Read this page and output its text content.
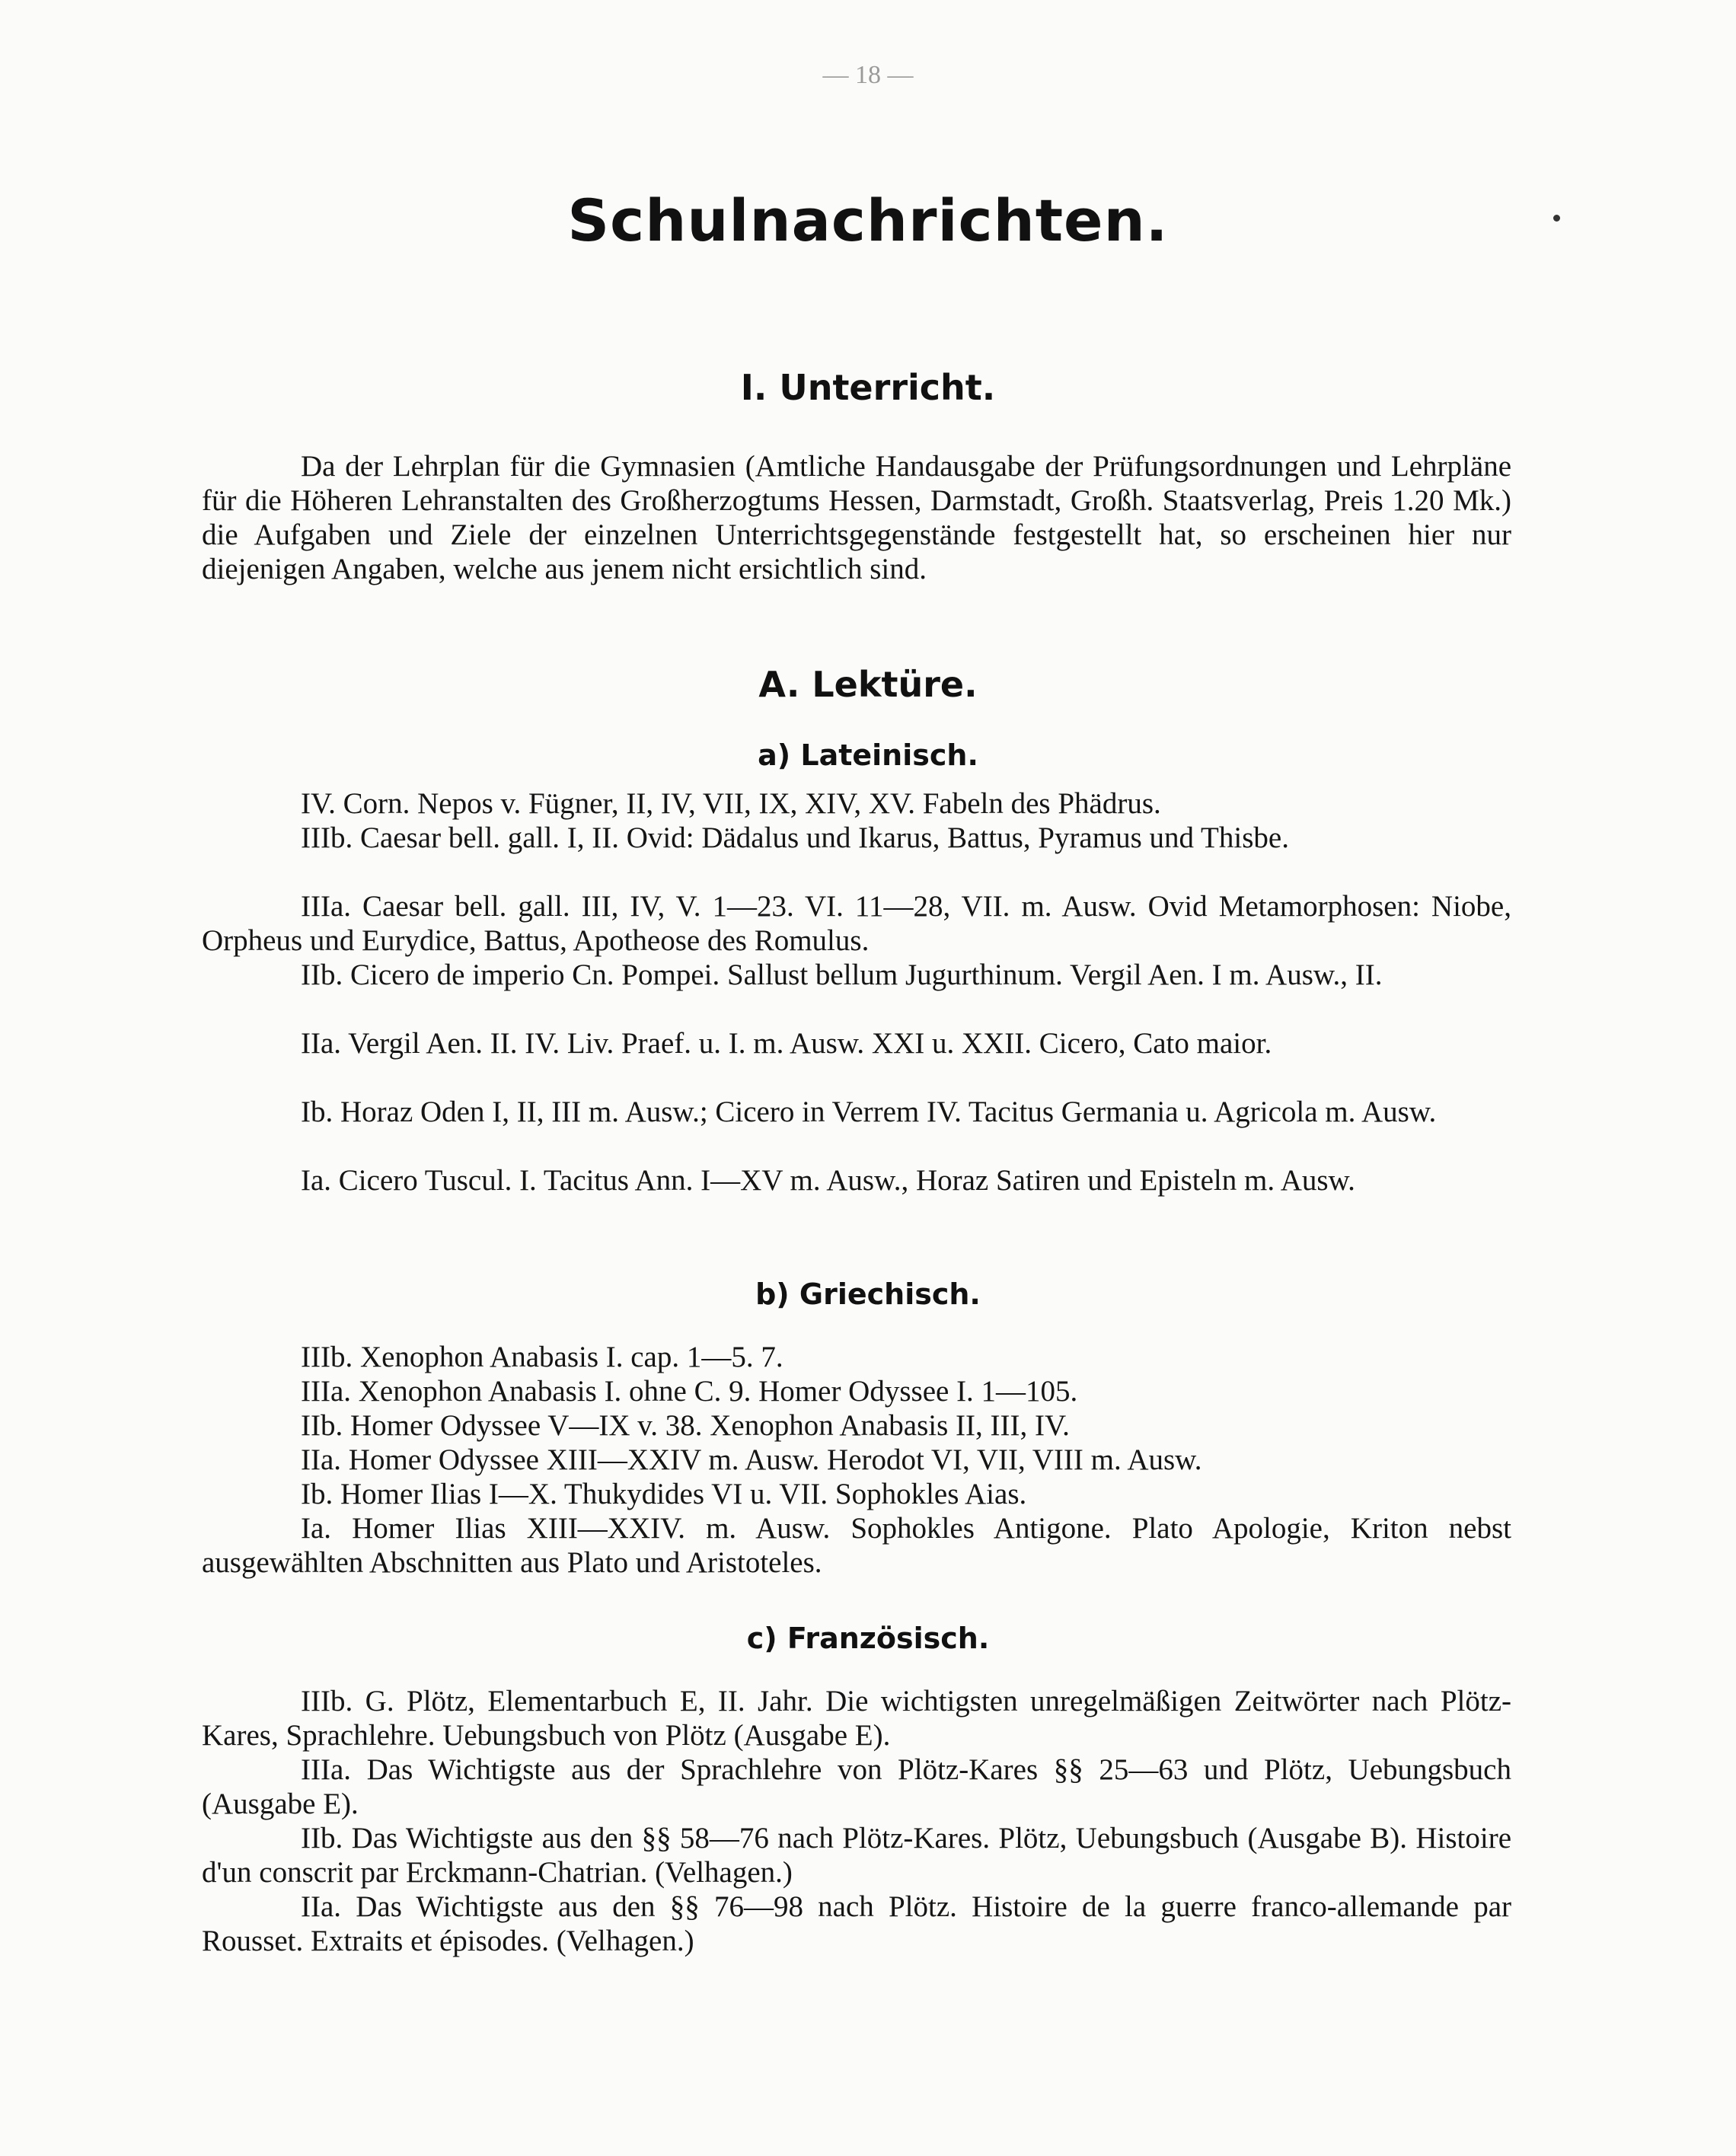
— 18 —
Schulnachrichten.
I. Unterricht.

Da der Lehrplan für die Gymnasien (Amtliche Handausgabe der Prüfungsordnungen und Lehrpläne für die Höheren Lehranstalten des Großherzogtums Hessen, Darmstadt, Großh. Staatsverlag, Preis 1.20 Mk.) die Aufgaben und Ziele der einzelnen Unterrichtsgegenstände festgestellt hat, so erscheinen hier nur diejenigen Angaben, welche aus jenem nicht ersichtlich sind.

A. Lektüre.
a) Lateinisch.

IV. Corn. Nepos v. Fügner, II, IV, VII, IX, XIV, XV. Fabeln des Phädrus.

IIIb. Caesar bell. gall. I, II. Ovid: Dädalus und Ikarus, Battus, Pyramus und Thisbe.

IIIa. Caesar bell. gall. III, IV, V. 1—23. VI. 11—28, VII. m. Ausw. Ovid Metamorphosen: Niobe, Orpheus und Eurydice, Battus, Apotheose des Romulus.

IIb. Cicero de imperio Cn. Pompei. Sallust bellum Jugurthinum. Vergil Aen. I m. Ausw., II.

IIa. Vergil Aen. II. IV. Liv. Praef. u. I. m. Ausw. XXI u. XXII. Cicero, Cato maior.

Ib. Horaz Oden I, II, III m. Ausw.; Cicero in Verrem IV. Tacitus Germania u. Agricola m. Ausw.

Ia. Cicero Tuscul. I. Tacitus Ann. I—XV m. Ausw., Horaz Satiren und Episteln m. Ausw.

b) Griechisch.

IIIb. Xenophon Anabasis I. cap. 1—5. 7.

IIIa. Xenophon Anabasis I. ohne C. 9. Homer Odyssee I. 1—105.

IIb. Homer Odyssee V—IX v. 38. Xenophon Anabasis II, III, IV.

IIa. Homer Odyssee XIII—XXIV m. Ausw. Herodot VI, VII, VIII m. Ausw.

Ib. Homer Ilias I—X. Thukydides VI u. VII. Sophokles Aias.

Ia. Homer Ilias XIII—XXIV. m. Ausw. Sophokles Antigone. Plato Apologie, Kriton nebst ausgewählten Abschnitten aus Plato und Aristoteles.

c) Französisch.

IIIb. G. Plötz, Elementarbuch E, II. Jahr. Die wichtigsten unregelmäßigen Zeitwörter nach Plötz-Kares, Sprachlehre. Uebungsbuch von Plötz (Ausgabe E).

IIIa. Das Wichtigste aus der Sprachlehre von Plötz-Kares §§ 25—63 und Plötz, Uebungsbuch (Ausgabe E).

IIb. Das Wichtigste aus den §§ 58—76 nach Plötz-Kares. Plötz, Uebungsbuch (Ausgabe B). Histoire d'un conscrit par Erckmann-Chatrian. (Velhagen.)

IIa. Das Wichtigste aus den §§ 76—98 nach Plötz. Histoire de la guerre franco-allemande par Rousset. Extraits et épisodes. (Velhagen.)
